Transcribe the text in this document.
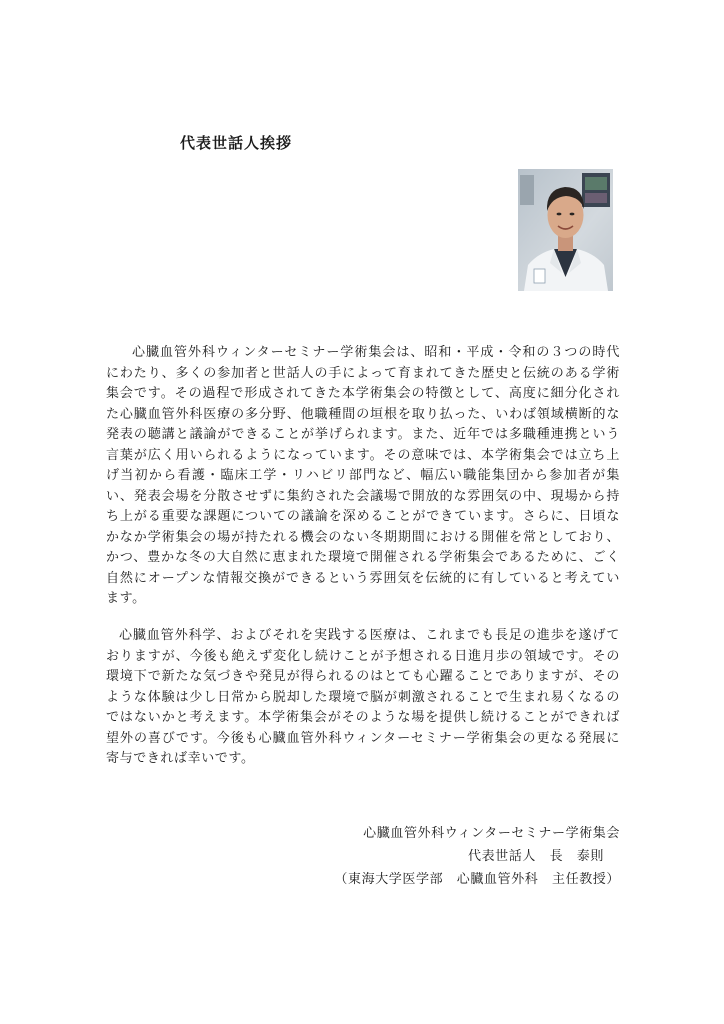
代表世話人挨拶

心臓血管外科ウィンターセミナー学術集会は、昭和・平成・令和の３つの時代にわたり、多くの参加者と世話人の手によって育まれてきた歴史と伝統のある学術集会です。その過程で形成されてきた本学術集会の特徴として、高度に細分化された心臓血管外科医療の多分野、他職種間の垣根を取り払った、いわば領域横断的な発表の聴講と議論ができることが挙げられます。また、近年では多職種連携という言葉が広く用いられるようになっています。その意味では、本学術集会では立ち上げ当初から看護・臨床工学・リハビリ部門など、幅広い職能集団から参加者が集い、発表会場を分散させずに集約された会議場で開放的な雰囲気の中、現場から持ち上がる重要な課題についての議論を深めることができています。さらに、日頃なかなか学術集会の場が持たれる機会のない冬期期間における開催を常としており、かつ、豊かな冬の大自然に恵まれた環境で開催される学術集会であるために、ごく自然にオープンな情報交換ができるという雰囲気を伝統的に有していると考えています。

心臓血管外科学、およびそれを実践する医療は、これまでも長足の進歩を遂げておりますが、今後も絶えず変化し続けことが予想される日進月歩の領域です。その環境下で新たな気づきや発見が得られるのはとても心躍ることでありますが、そのような体験は少し日常から脱却した環境で脳が刺激されることで生まれ易くなるのではないかと考えます。本学術集会がそのような場を提供し続けることができれば望外の喜びです。今後も心臓血管外科ウィンターセミナー学術集会の更なる発展に寄与できれば幸いです。

心臓血管外科ウィンターセミナー学術集会
代表世話人　長　泰則
（東海大学医学部　心臓血管外科　主任教授）
